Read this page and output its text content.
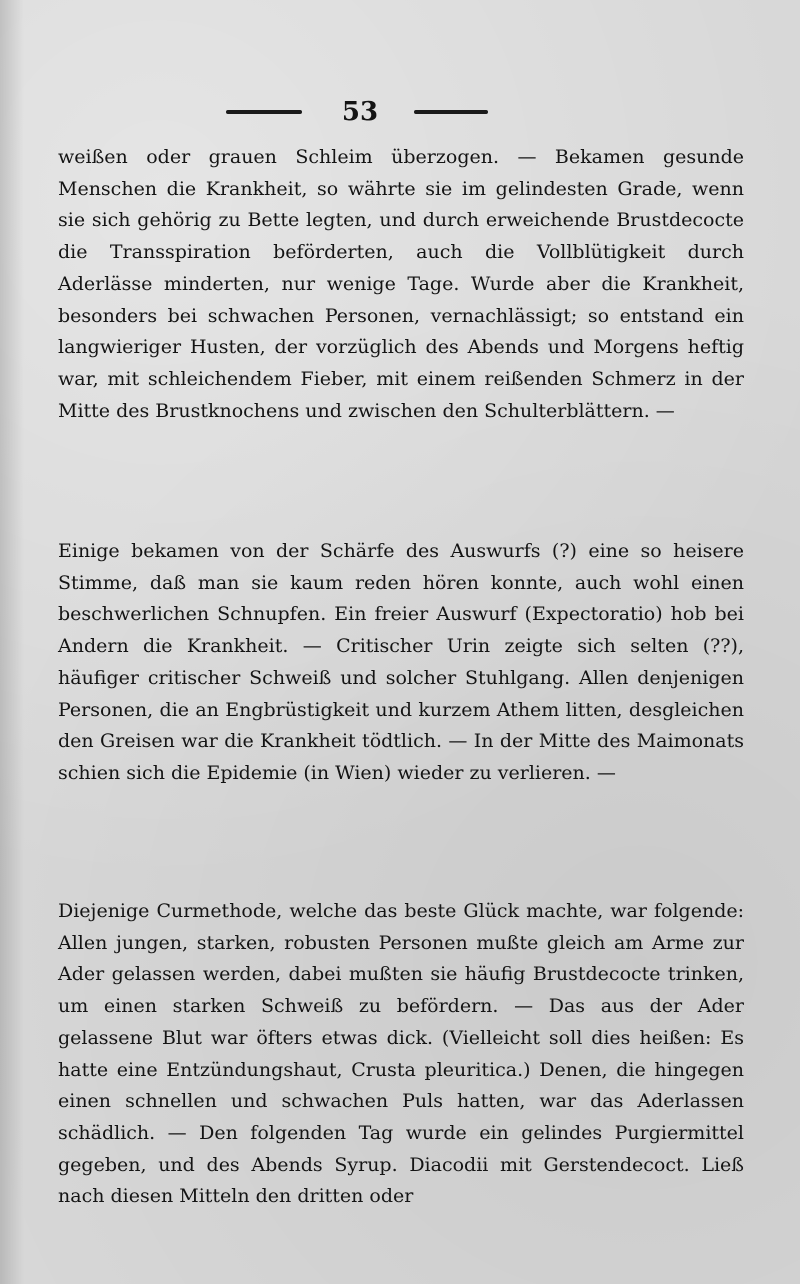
53

weißen oder grauen Schleim überzogen. — Bekamen gesunde Menschen die Krankheit, so währte sie im gelindesten Grade, wenn sie sich gehörig zu Bette legten, und durch erweichende Brustdecocte die Transspiration beförderten, auch die Vollblütigkeit durch Aderlässe minderten, nur wenige Tage. Wurde aber die Krankheit, besonders bei schwachen Personen, vernachlässigt; so entstand ein langwieriger Husten, der vorzüglich des Abends und Morgens heftig war, mit schleichendem Fieber, mit einem reißenden Schmerz in der Mitte des Brustknochens und zwischen den Schulterblättern. —

Einige bekamen von der Schärfe des Auswurfs (?) eine so heisere Stimme, daß man sie kaum reden hören konnte, auch wohl einen beschwerlichen Schnupfen. Ein freier Auswurf (Expectoratio) hob bei Andern die Krankheit. — Critischer Urin zeigte sich selten (??), häufiger critischer Schweiß und solcher Stuhlgang. Allen denjenigen Personen, die an Engbrüstigkeit und kurzem Athem litten, desgleichen den Greisen war die Krankheit tödtlich. — In der Mitte des Maimonats schien sich die Epidemie (in Wien) wieder zu verlieren. —

Diejenige Curmethode, welche das beste Glück machte, war folgende: Allen jungen, starken, robusten Personen mußte gleich am Arme zur Ader gelassen werden, dabei mußten sie häufig Brustdecocte trinken, um einen starken Schweiß zu befördern. — Das aus der Ader gelassene Blut war öfters etwas dick. (Vielleicht soll dies heißen: Es hatte eine Entzündungshaut, Crusta pleuritica.) Denen, die hingegen einen schnellen und schwachen Puls hatten, war das Aderlassen schädlich. — Den folgenden Tag wurde ein gelindes Purgiermittel gegeben, und des Abends Syrup. Diacodii mit Gerstendecoct. Ließ nach diesen Mitteln den dritten oder
